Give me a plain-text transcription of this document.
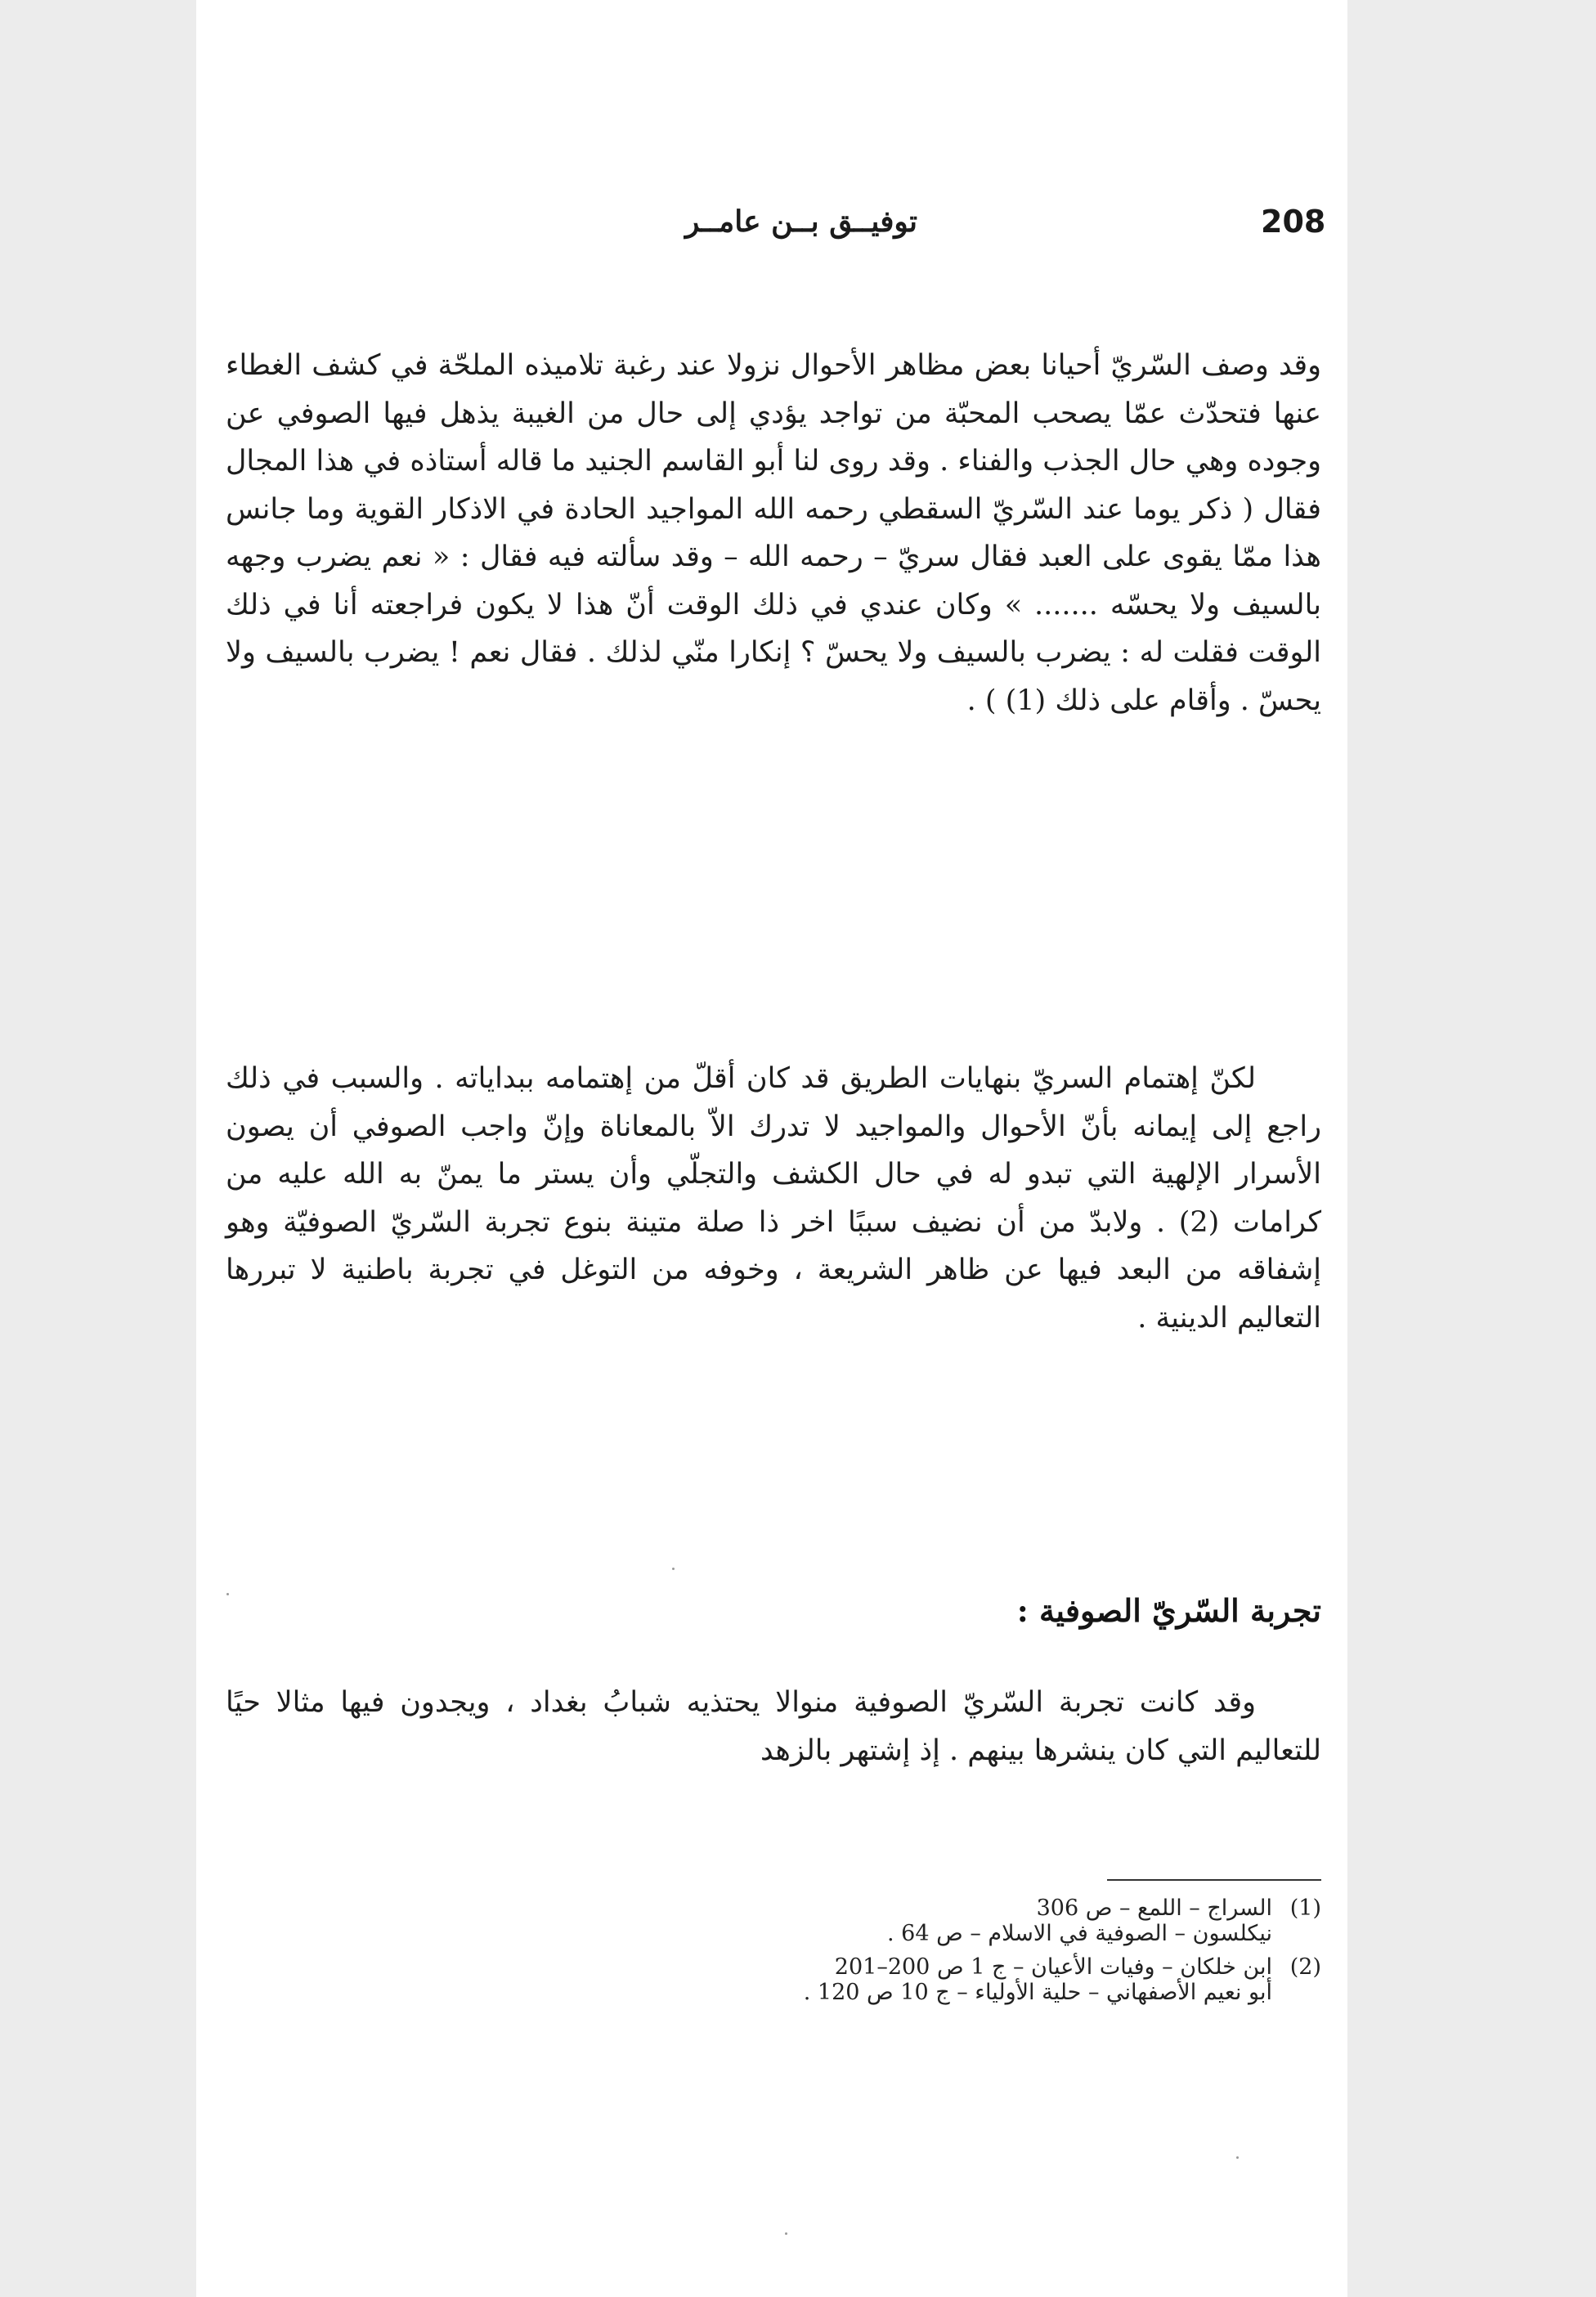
208
توفيــق بــن عامــر
وقد وصف السّريّ أحيانا بعض مظاهر الأحوال نزولا عند رغبة تلاميذه الملحّة في كشف الغطاء عنها فتحدّث عمّا يصحب المحبّة من تواجد يؤدي إلى حال من الغيبة يذهل فيها الصوفي عن وجوده وهي حال الجذب والفناء . وقد روى لنا أبو القاسم الجنيد ما قاله أستاذه في هذا المجال فقال ( ذكر يوما عند السّريّ السقطي رحمه الله المواجيد الحادة في الاذكار القوية وما جانس هذا ممّا يقوى على العبد فقال سريّ – رحمه الله – وقد سألته فيه فقال : « نعم يضرب وجهه بالسيف ولا يحسّه ....... » وكان عندي في ذلك الوقت أنّ هذا لا يكون فراجعته أنا في ذلك الوقت فقلت له : يضرب بالسيف ولا يحسّ ؟ إنكارا منّي لذلك . فقال نعم ! يضرب بالسيف ولا يحسّ . وأقام على ذلك (1) ) .
لكنّ إهتمام السريّ بنهايات الطريق قد كان أقلّ من إهتمامه ببداياته . والسبب في ذلك راجع إلى إيمانه بأنّ الأحوال والمواجيد لا تدرك الاّ بالمعاناة وإنّ واجب الصوفي أن يصون الأسرار الإلهية التي تبدو له في حال الكشف والتجلّي وأن يستر ما يمنّ به الله عليه من كرامات (2) . ولابدّ من أن نضيف سببًا اخر ذا صلة متينة بنوع تجربة السّريّ الصوفيّة وهو إشفاقه من البعد فيها عن ظاهر الشريعة ، وخوفه من التوغل في تجربة باطنية لا تبررها التعاليم الدينية .
تجربة السّريّ الصوفية :
وقد كانت تجربة السّريّ الصوفية منوالا يحتذيه شبابُ بغداد ، ويجدون فيها مثالا حيًا للتعاليم التي كان ينشرها بينهم . إذ إشتهر بالزهد
(1)
السراج – اللمع – ص 306
نيكلسون – الصوفية في الاسلام – ص 64 .
(2)
ابن خلكان – وفيات الأعيان – ج 1 ص 200–201
أبو نعيم الأصفهاني – حلية الأولياء – ج 10 ص 120 .
